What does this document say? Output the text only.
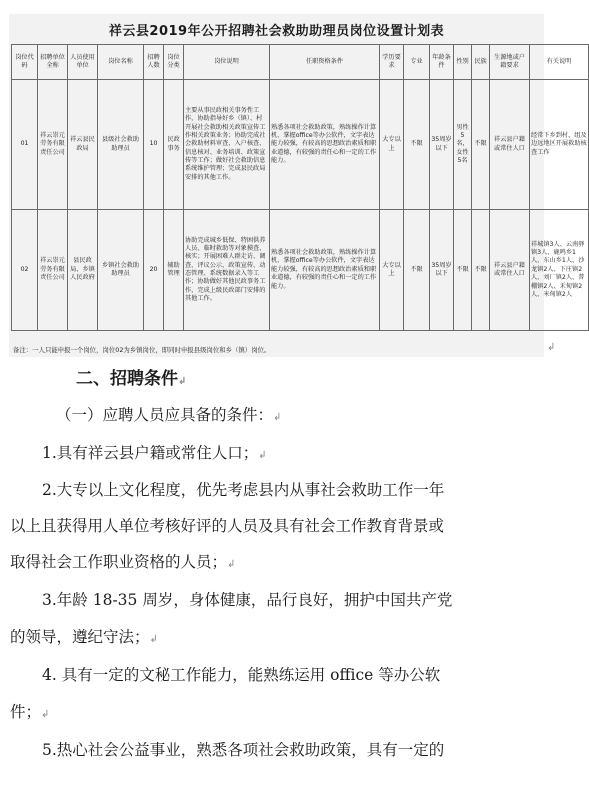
祥云县2019年公开招聘社会救助助理员岗位设置计划表
岗位代码	招聘单位全称	人员使用单位	岗位名称	招聘人数	岗位分类	岗位说明	任职资格条件	学历要求	专业	年龄条件	性别	民族	生源地或户籍要求	有关说明
01	祥云崇元劳务有限责任公司	祥云县民政局	县级社会救助助理员	10	民政事务	主要从事民政相关事务性工作，协助指导好乡（镇）、村开展社会救助相关政策宣传工作相关政策业务；协助完成社会救助材料审查、入户核查、信息核对、业务培训、政策宣传等工作；做好社会救助信息系统维护管理；完成县民政局安排的其他工作。	熟悉各项社会救助政策，熟练操作计算机、掌握office等办公软件，文字表达能力较强，有较高的思想政治素质和职业道德，有较强的责任心和一定的工作能力。	大专以上	不限	35周岁以下	男性5名，女性5名	不限	祥云县户籍或常住人口	经常下乡到村，组及边远地区开展救助核查工作
02	祥云崇元劳务有限责任公司	县民政局、乡镇人民政府	乡镇社会救助助理员	20	辅助管理	协助完成城乡低保、特困供养人员、临时救助等对象摸查、核实；开展困难人群走访、调查、评议公示，政策宣传、动态管理、系统数据录入等工作；协助做好其他民政事务工作，完成上级民政部门安排的其他工作。	熟悉各项社会救助政策，熟练操作计算机、掌握office等办公软件，文字表达能力较强，有较高的思想政治素质和职业道德，有较强的责任心和一定的工作能力。	大专以上	不限	35周岁以下	不限	不限	祥云县户籍或常住人口	祥城镇3人、云南驿镇3人、鹿鸣乡1人、东山乡1人、沙龙镇2人、下庄镇2人、刘厂镇2人、普棚镇2人、禾甸镇2人、米甸镇2人
备注：一人只能申报一个岗位，岗位02为乡镇岗位，即同时申报县级岗位和乡（镇）岗位。	↲
二、招聘条件↲
（一）应聘人员应具备的条件：↲
1.具有祥云县户籍或常住人口；↲
2.大专以上文化程度，优先考虑县内从事社会救助工作一年
以上且获得用人单位考核好评的人员及具有社会工作教育背景或
取得社会工作职业资格的人员；↲
3.年龄 18-35 周岁，身体健康，品行良好，拥护中国共产党
的领导，遵纪守法；↲
4. 具有一定的文秘工作能力，能熟练运用 office 等办公软
件；↲
5.热心社会公益事业，熟悉各项社会救助政策，具有一定的
